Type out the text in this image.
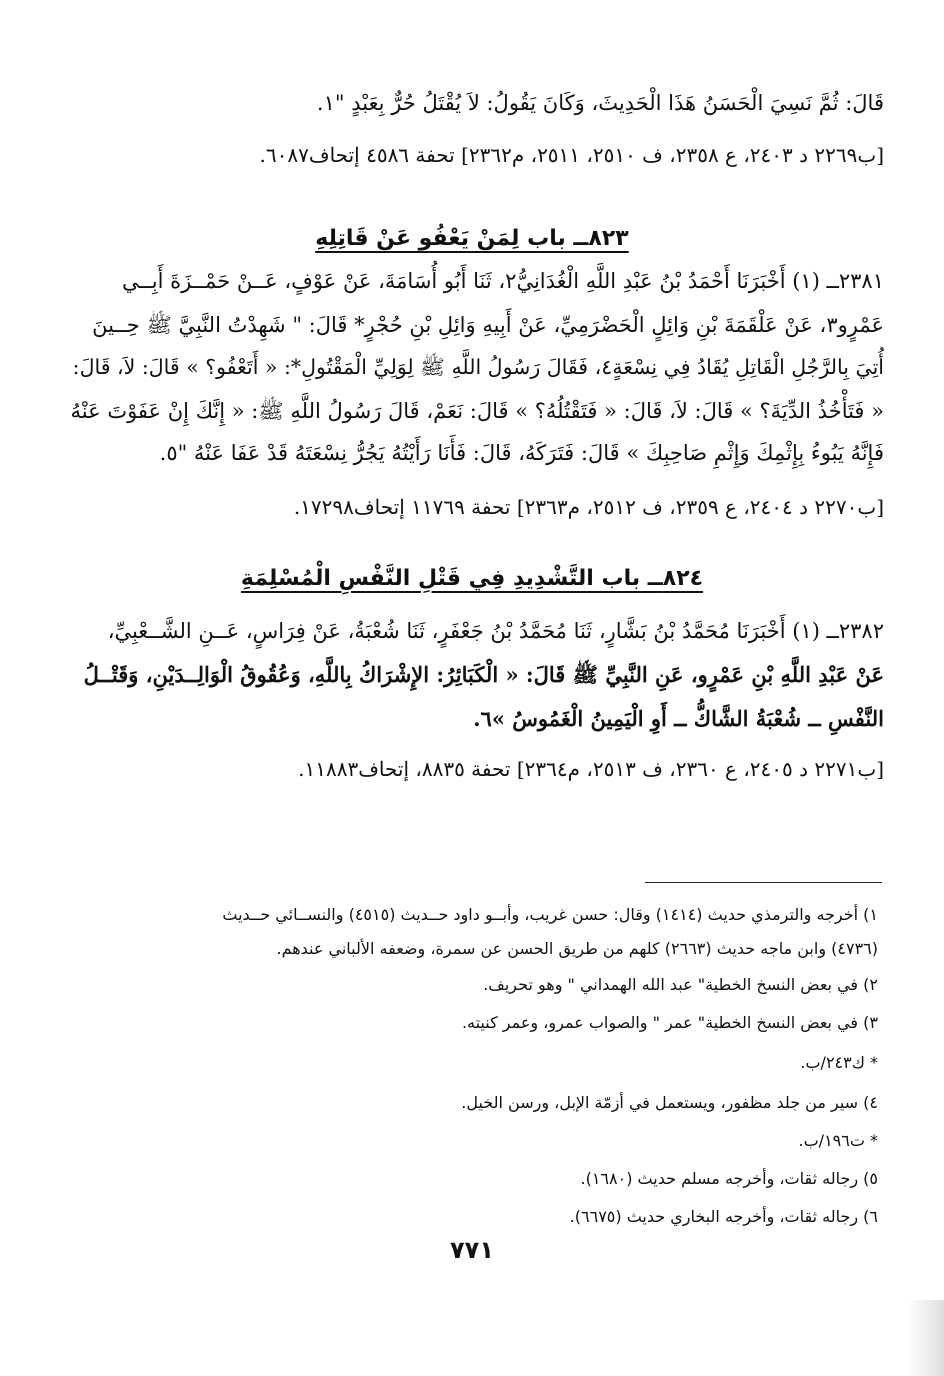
قَالَ: ثُمَّ نَسِيَ الْحَسَنُ هَذَا الْحَدِيثَ، وَكَانَ يَقُولُ: لاَ يُقْتَلُ حُرٌّ بِعَبْدٍ "١.
[ب٢٢٦٩ د ٢٤٠٣، ع ٢٣٥٨، ف ٢٥١٠، ٢٥١١، م٢٣٦٢] تحفة ٤٥٨٦ إتحاف٦٠٨٧.
٨٢٣ــ باب لِمَنْ يَعْفُو عَنْ قَاتِلِهِ
٢٣٨١ــ (١) أَخْبَرَنَا أَحْمَدُ بْنُ عَبْدِ اللَّهِ الْغُدَانِيُّ٢، ثَنَا أَبُو أُسَامَةَ، عَنْ عَوْفٍ، عَــنْ حَمْــزَةَ أَبِــي
عَمْرٍو٣، عَنْ عَلْقَمَةَ بْنِ وَائِلٍ الْحَضْرَمِيِّ، عَنْ أَبِيهِ وَائِلِ بْنِ حُجْرٍ* قَالَ: " شَهِدْتُ النَّبِيَّ ﷺ حِــينَ
أُتِيَ بِالرَّجُلِ الْقَاتِلِ يُقَادُ فِي نِسْعَةٍ٤، فَقَالَ رَسُولُ اللَّهِ ﷺ لِوَلِيِّ الْمَقْتُولِ*: « أَتَعْفُو؟ » قَالَ: لاَ، قَالَ:
« فَتَأْخُذُ الدِّيَةَ؟ » قَالَ: لاَ، قَالَ: « فَتَقْتُلُهُ؟ » قَالَ: نَعَمْ، قَالَ رَسُولُ اللَّهِ ﷺ: « إِنَّكَ إِنْ عَفَوْتَ عَنْهُ
فَإِنَّهُ يَبُوءُ بِإِثْمِكَ وَإِثْمِ صَاحِبِكَ » قَالَ: فَتَرَكَهُ، قَالَ: فَأَنَا رَأَيْتُهُ يَجُرُّ نِسْعَتَهُ قَدْ عَفَا عَنْهُ "٥.
[ب٢٢٧٠ د ٢٤٠٤، ع ٢٣٥٩، ف ٢٥١٢، م٢٣٦٣] تحفة ١١٧٦٩ إتحاف١٧٢٩٨.
٨٢٤ــ باب التَّشْدِيدِ فِي قَتْلِ النَّفْسِ الْمُسْلِمَةِ
٢٣٨٢ــ (١) أَخْبَرَنَا مُحَمَّدُ بْنُ بَشَّارٍ، ثَنَا مُحَمَّدُ بْنُ جَعْفَرٍ، ثَنَا شُعْبَةُ، عَنْ فِرَاسٍ، عَــنِ الشَّــعْبِيِّ،
عَنْ عَبْدِ اللَّهِ بْنِ عَمْرٍو، عَنِ النَّبِيِّ ﷺ قَالَ: « الْكَبَائِرُ: الإِشْرَاكُ بِاللَّهِ، وَعُقُوقُ الْوَالِــدَيْنِ، وَقَتْــلُ
النَّفْسِ ــ شُعْبَةُ الشَّاكُّ ــ أَوِ الْيَمِينُ الْغَمُوسُ »٦.
[ب٢٢٧١ د ٢٤٠٥، ع ٢٣٦٠، ف ٢٥١٣، م٢٣٦٤] تحفة ٨٨٣٥، إتحاف١١٨٨٣.
١) أخرجه والترمذي حديث (١٤١٤) وقال: حسن غريب، وأبــو داود حــديث (٤٥١٥) والنســائي حــديث
(٤٧٣٦) وابن ماجه حديث (٢٦٦٣) كلهم من طريق الحسن عن سمرة، وضعفه الألباني عندهم.
٢) في بعض النسخ الخطية" عبد الله الهمداني " وهو تحريف.
٣) في بعض النسخ الخطية" عمر " والصواب عمرو، وعمر كنيته.
* ك٢٤٣/ب.
٤) سير من جلد مظفور، ويستعمل في أزمّة الإبل، ورسن الخيل.
* ت١٩٦/ب.
٥) رجاله ثقات، وأخرجه مسلم حديث (١٦٨٠).
٦) رجاله ثقات، وأخرجه البخاري حديث (٦٦٧٥).
٧٧١
